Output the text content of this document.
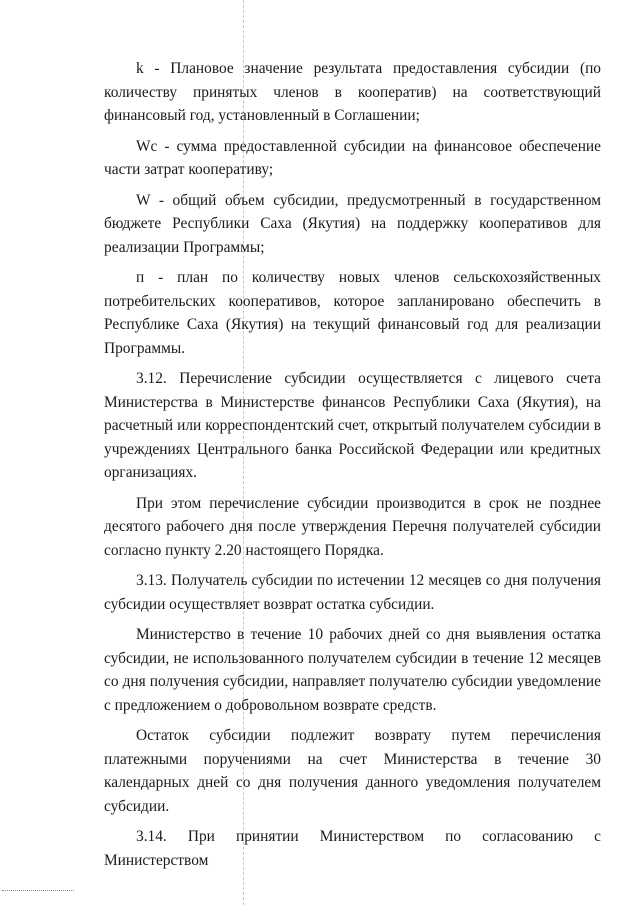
k - Плановое значение результата предоставления субсидии (по количеству принятых членов в кооператив) на соответствующий финансовый год, установленный в Соглашении;

Wc - сумма предоставленной субсидии на финансовое обеспечение части затрат кооперативу;

W - общий объем субсидии, предусмотренный в государственном бюджете Республики Саха (Якутия) на поддержку кооперативов для реализации Программы;

п - план по количеству новых членов сельскохозяйственных потребительских кооперативов, которое запланировано обеспечить в Республике Саха (Якутия) на текущий финансовый год для реализации Программы.

3.12. Перечисление субсидии осуществляется с лицевого счета Министерства в Министерстве финансов Республики Саха (Якутия), на расчетный или корреспондентский счет, открытый получателем субсидии в учреждениях Центрального банка Российской Федерации или кредитных организациях.

При этом перечисление субсидии производится в срок не позднее десятого рабочего дня после утверждения Перечня получателей субсидии согласно пункту 2.20 настоящего Порядка.

3.13. Получатель субсидии по истечении 12 месяцев со дня получения субсидии осуществляет возврат остатка субсидии.

Министерство в течение 10 рабочих дней со дня выявления остатка субсидии, не использованного получателем субсидии в течение 12 месяцев со дня получения субсидии, направляет получателю субсидии уведомление с предложением о добровольном возврате средств.

Остаток субсидии подлежит возврату путем перечисления платежными поручениями на счет Министерства в течение 30 календарных дней со дня получения данного уведомления получателем субсидии.

3.14. При принятии Министерством по согласованию с Министерством
